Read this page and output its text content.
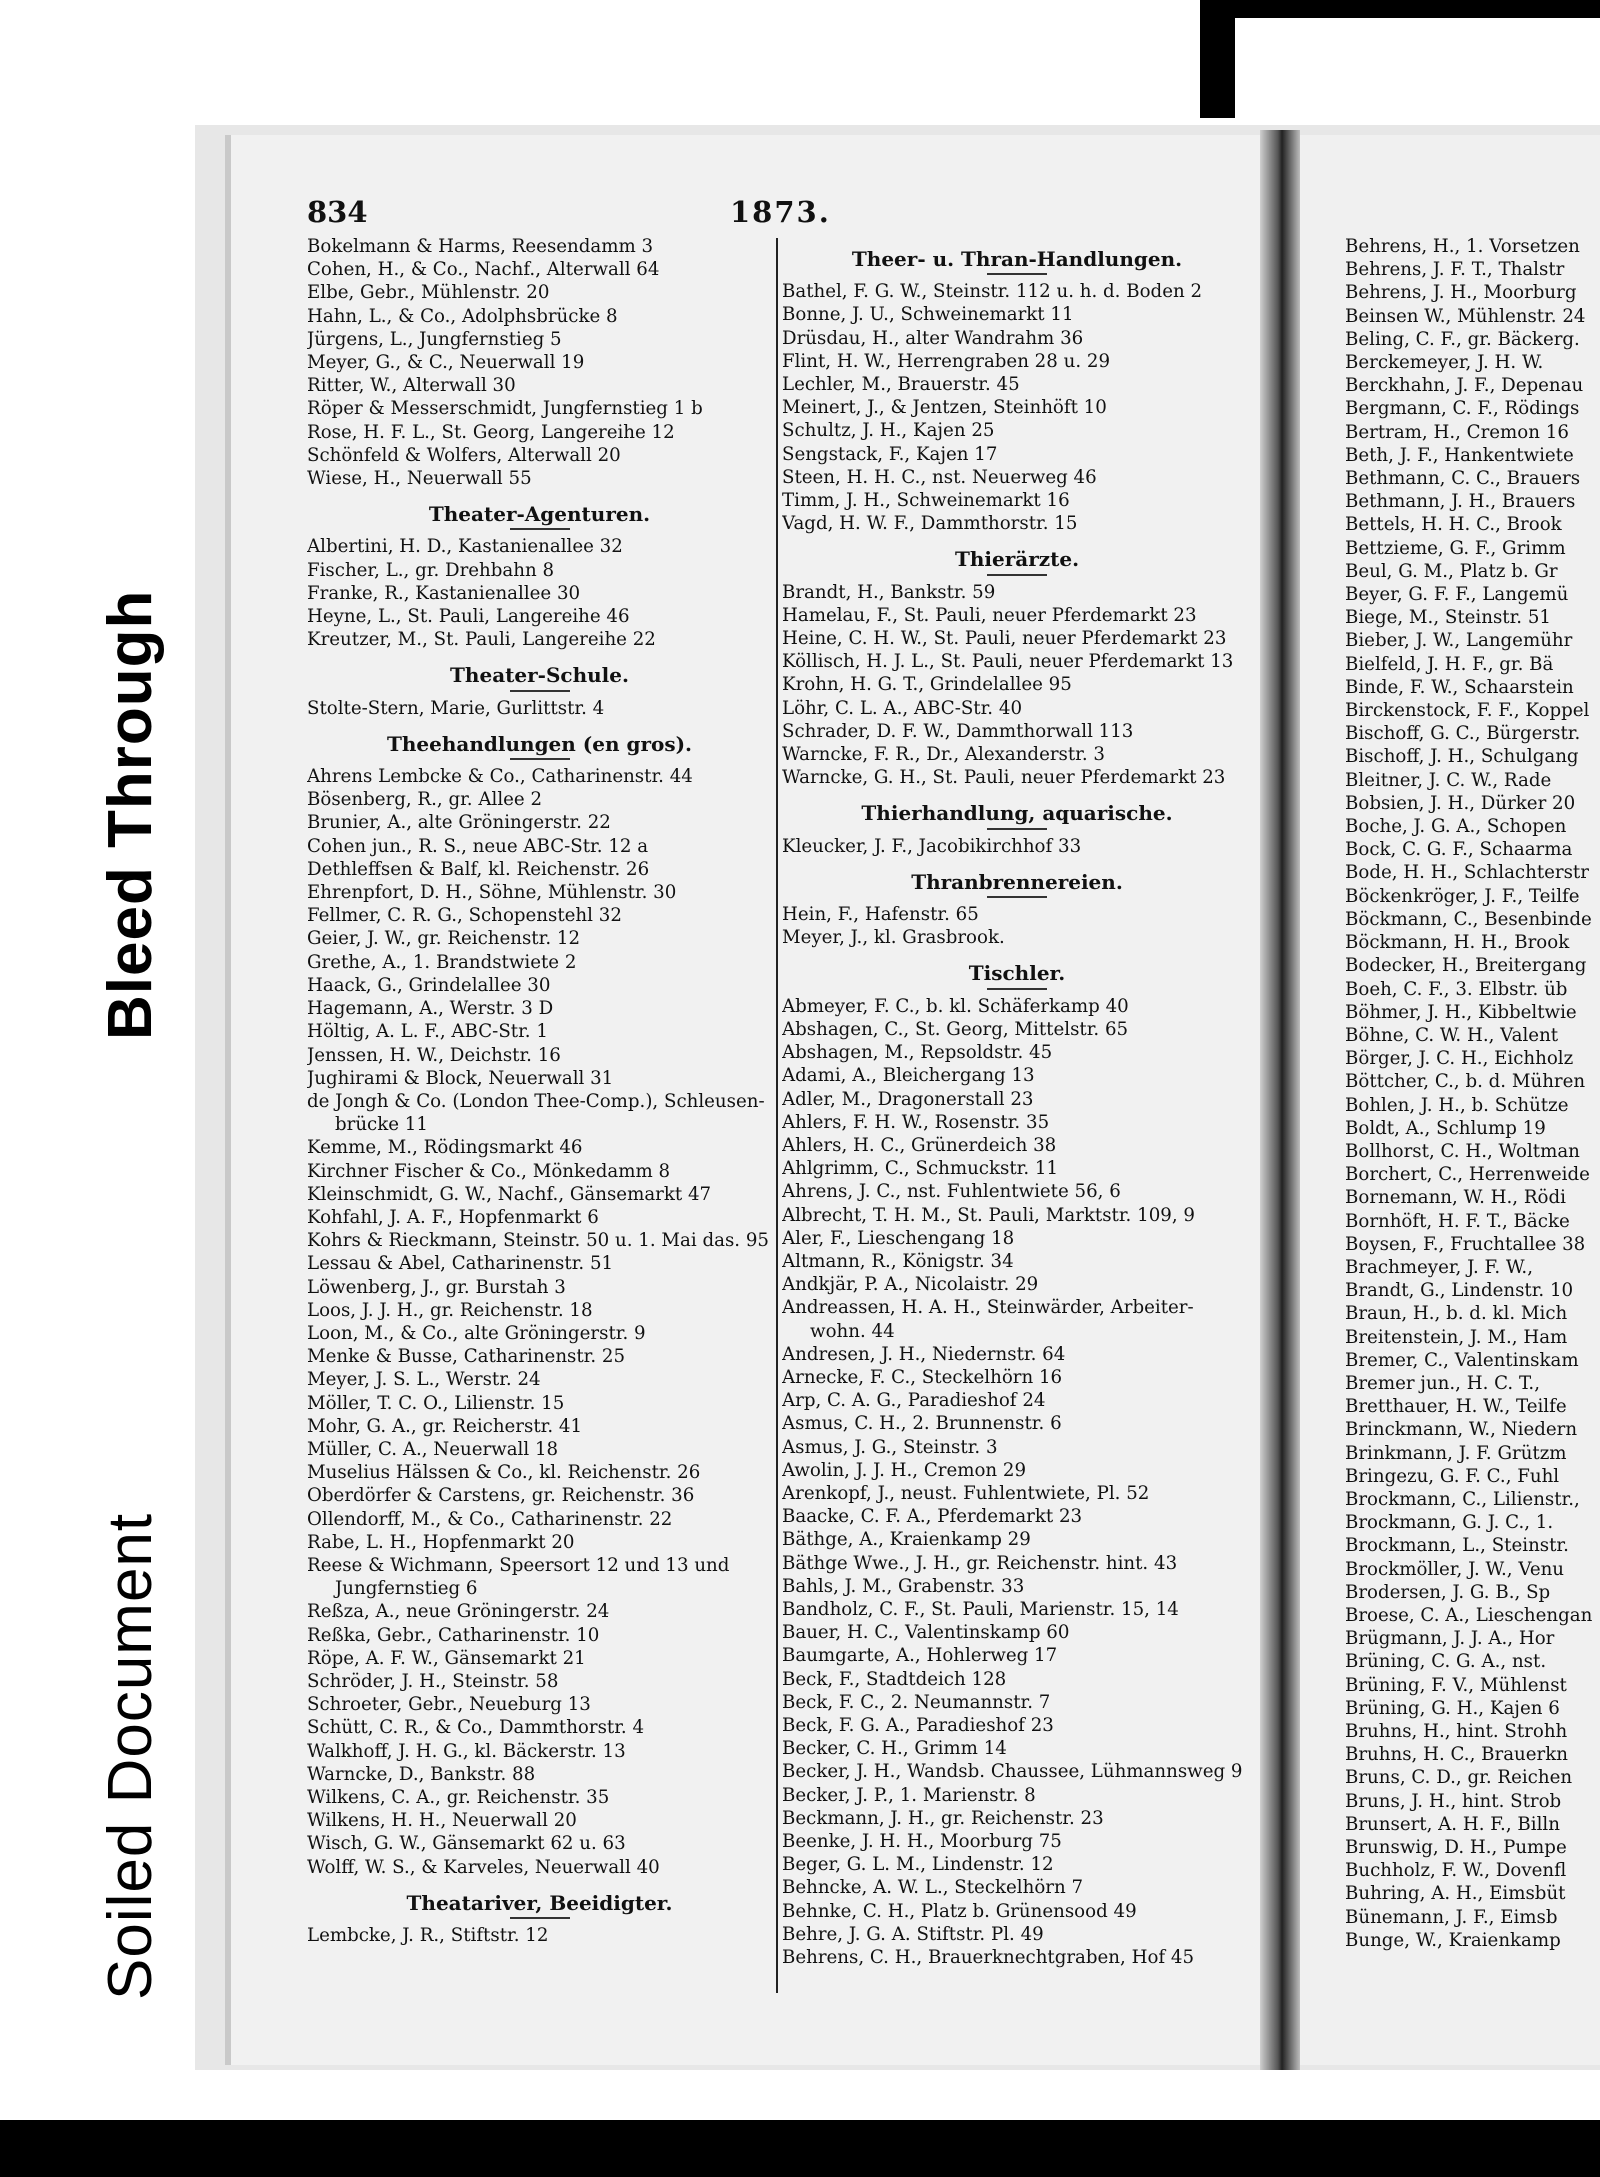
Bleed Through
Soiled Document
834	1873.
Bokelmann & Harms, Reesendamm 3
Cohen, H., & Co., Nachf., Alterwall 64
Elbe, Gebr., Mühlenstr. 20
Hahn, L., & Co., Adolphsbrücke 8
Jürgens, L., Jungfernstieg 5
Meyer, G., & C., Neuerwall 19
Ritter, W., Alterwall 30
Röper & Messerschmidt, Jungfernstieg 1 b
Rose, H. F. L., St. Georg, Langereihe 12
Schönfeld & Wolfers, Alterwall 20
Wiese, H., Neuerwall 55
Theater-Agenturen.
Albertini, H. D., Kastanienallee 32
Fischer, L., gr. Drehbahn 8
Franke, R., Kastanienallee 30
Heyne, L., St. Pauli, Langereihe 46
Kreutzer, M., St. Pauli, Langereihe 22
Theater-Schule.
Stolte-Stern, Marie, Gurlittstr. 4
Theehandlungen (en gros).
Ahrens Lembcke & Co., Catharinenstr. 44
Bösenberg, R., gr. Allee 2
Brunier, A., alte Gröningerstr. 22
Cohen jun., R. S., neue ABC-Str. 12 a
Dethleffsen & Balf, kl. Reichenstr. 26
Ehrenpfort, D. H., Söhne, Mühlenstr. 30
Fellmer, C. R. G., Schopenstehl 32
Geier, J. W., gr. Reichenstr. 12
Grethe, A., 1. Brandstwiete 2
Haack, G., Grindelallee 30
Hagemann, A., Werstr. 3 D
Höltig, A. L. F., ABC-Str. 1
Jenssen, H. W., Deichstr. 16
Jughirami & Block, Neuerwall 31
de Jongh & Co. (London Thee-Comp.), Schleusen-
brücke 11
Kemme, M., Rödingsmarkt 46
Kirchner Fischer & Co., Mönkedamm 8
Kleinschmidt, G. W., Nachf., Gänsemarkt 47
Kohfahl, J. A. F., Hopfenmarkt 6
Kohrs & Rieckmann, Steinstr. 50 u. 1. Mai das. 95
Lessau & Abel, Catharinenstr. 51
Löwenberg, J., gr. Burstah 3
Loos, J. J. H., gr. Reichenstr. 18
Loon, M., & Co., alte Gröningerstr. 9
Menke & Busse, Catharinenstr. 25
Meyer, J. S. L., Werstr. 24
Möller, T. C. O., Lilienstr. 15
Mohr, G. A., gr. Reicherstr. 41
Müller, C. A., Neuerwall 18
Muselius Hälssen & Co., kl. Reichenstr. 26
Oberdörfer & Carstens, gr. Reichenstr. 36
Ollendorff, M., & Co., Catharinenstr. 22
Rabe, L. H., Hopfenmarkt 20
Reese & Wichmann, Speersort 12 und 13 und
Jungfernstieg 6
Reßza, A., neue Gröningerstr. 24
Reßka, Gebr., Catharinenstr. 10
Röpe, A. F. W., Gänsemarkt 21
Schröder, J. H., Steinstr. 58
Schroeter, Gebr., Neueburg 13
Schütt, C. R., & Co., Dammthorstr. 4
Walkhoff, J. H. G., kl. Bäckerstr. 13
Warncke, D., Bankstr. 88
Wilkens, C. A., gr. Reichenstr. 35
Wilkens, H. H., Neuerwall 20
Wisch, G. W., Gänsemarkt 62 u. 63
Wolff, W. S., & Karveles, Neuerwall 40
Theatariver, Beeidigter.
Lembcke, J. R., Stiftstr. 12
Theer- u. Thran-Handlungen.
Bathel, F. G. W., Steinstr. 112 u. h. d. Boden 2
Bonne, J. U., Schweinemarkt 11
Drüsdau, H., alter Wandrahm 36
Flint, H. W., Herrengraben 28 u. 29
Lechler, M., Brauerstr. 45
Meinert, J., & Jentzen, Steinhöft 10
Schultz, J. H., Kajen 25
Sengstack, F., Kajen 17
Steen, H. H. C., nst. Neuerweg 46
Timm, J. H., Schweinemarkt 16
Vagd, H. W. F., Dammthorstr. 15
Thierärzte.
Brandt, H., Bankstr. 59
Hamelau, F., St. Pauli, neuer Pferdemarkt 23
Heine, C. H. W., St. Pauli, neuer Pferdemarkt 23
Köllisch, H. J. L., St. Pauli, neuer Pferdemarkt 13
Krohn, H. G. T., Grindelallee 95
Löhr, C. L. A., ABC-Str. 40
Schrader, D. F. W., Dammthorwall 113
Warncke, F. R., Dr., Alexanderstr. 3
Warncke, G. H., St. Pauli, neuer Pferdemarkt 23
Thierhandlung, aquarische.
Kleucker, J. F., Jacobikirchhof 33
Thranbrennereien.
Hein, F., Hafenstr. 65
Meyer, J., kl. Grasbrook.
Tischler.
Abmeyer, F. C., b. kl. Schäferkamp 40
Abshagen, C., St. Georg, Mittelstr. 65
Abshagen, M., Repsoldstr. 45
Adami, A., Bleichergang 13
Adler, M., Dragonerstall 23
Ahlers, F. H. W., Rosenstr. 35
Ahlers, H. C., Grünerdeich 38
Ahlgrimm, C., Schmuckstr. 11
Ahrens, J. C., nst. Fuhlentwiete 56, 6
Albrecht, T. H. M., St. Pauli, Marktstr. 109, 9
Aler, F., Lieschengang 18
Altmann, R., Königstr. 34
Andkjär, P. A., Nicolaistr. 29
Andreassen, H. A. H., Steinwärder, Arbeiter-
wohn. 44
Andresen, J. H., Niedernstr. 64
Arnecke, F. C., Steckelhörn 16
Arp, C. A. G., Paradieshof 24
Asmus, C. H., 2. Brunnenstr. 6
Asmus, J. G., Steinstr. 3
Awolin, J. J. H., Cremon 29
Arenkopf, J., neust. Fuhlentwiete, Pl. 52
Baacke, C. F. A., Pferdemarkt 23
Bäthge, A., Kraienkamp 29
Bäthge Wwe., J. H., gr. Reichenstr. hint. 43
Bahls, J. M., Grabenstr. 33
Bandholz, C. F., St. Pauli, Marienstr. 15, 14
Bauer, H. C., Valentinskamp 60
Baumgarte, A., Hohlerweg 17
Beck, F., Stadtdeich 128
Beck, F. C., 2. Neumannstr. 7
Beck, F. G. A., Paradieshof 23
Becker, C. H., Grimm 14
Becker, J. H., Wandsb. Chaussee, Lühmannsweg 9
Becker, J. P., 1. Marienstr. 8
Beckmann, J. H., gr. Reichenstr. 23
Beenke, J. H. H., Moorburg 75
Beger, G. L. M., Lindenstr. 12
Behncke, A. W. L., Steckelhörn 7
Behnke, C. H., Platz b. Grünensood 49
Behre, J. G. A. Stiftstr. Pl. 49
Behrens, C. H., Brauerknechtgraben, Hof 45
Behrens, H., 1. Vorsetzen
Behrens, J. F. T., Thalstr
Behrens, J. H., Moorburg
Beinsen W., Mühlenstr. 24
Beling, C. F., gr. Bäckerg.
Berckemeyer, J. H. W.
Berckhahn, J. F., Depenau
Bergmann, C. F., Rödings
Bertram, H., Cremon 16
Beth, J. F., Hankentwiete
Bethmann, C. C., Brauers
Bethmann, J. H., Brauers
Bettels, H. H. C., Brook
Bettzieme, G. F., Grimm
Beul, G. M., Platz b. Gr
Beyer, G. F. F., Langemü
Biege, M., Steinstr. 51
Bieber, J. W., Langemühr
Bielfeld, J. H. F., gr. Bä
Binde, F. W., Schaarstein
Birckenstock, F. F., Koppel
Bischoff, G. C., Bürgerstr.
Bischoff, J. H., Schulgang
Bleitner, J. C. W., Rade
Bobsien, J. H., Dürker 20
Boche, J. G. A., Schopen
Bock, C. G. F., Schaarma
Bode, H. H., Schlachterstr
Böckenkröger, J. F., Teilfe
Böckmann, C., Besenbinde
Böckmann, H. H., Brook
Bodecker, H., Breitergang
Boeh, C. F., 3. Elbstr. üb
Böhmer, J. H., Kibbeltwie
Böhne, C. W. H., Valent
Börger, J. C. H., Eichholz
Böttcher, C., b. d. Mühren
Bohlen, J. H., b. Schütze
Boldt, A., Schlump 19
Bollhorst, C. H., Woltman
Borchert, C., Herrenweide
Bornemann, W. H., Rödi
Bornhöft, H. F. T., Bäcke
Boysen, F., Fruchtallee 38
Brachmeyer, J. F. W.,
Brandt, G., Lindenstr. 10
Braun, H., b. d. kl. Mich
Breitenstein, J. M., Ham
Bremer, C., Valentinskam
Bremer jun., H. C. T.,
Bretthauer, H. W., Teilfe
Brinckmann, W., Niedern
Brinkmann, J. F. Grützm
Bringezu, G. F. C., Fuhl
Brockmann, C., Lilienstr.,
Brockmann, G. J. C., 1.
Brockmann, L., Steinstr.
Brockmöller, J. W., Venu
Brodersen, J. G. B., Sp
Broese, C. A., Lieschengan
Brügmann, J. J. A., Hor
Brüning, C. G. A., nst.
Brüning, F. V., Mühlenst
Brüning, G. H., Kajen 6
Bruhns, H., hint. Strohh
Bruhns, H. C., Brauerkn
Bruns, C. D., gr. Reichen
Bruns, J. H., hint. Strob
Brunsert, A. H. F., Billn
Brunswig, D. H., Pumpe
Buchholz, F. W., Dovenfl
Buhring, A. H., Eimsbüt
Bünemann, J. F., Eimsb
Bunge, W., Kraienkamp
